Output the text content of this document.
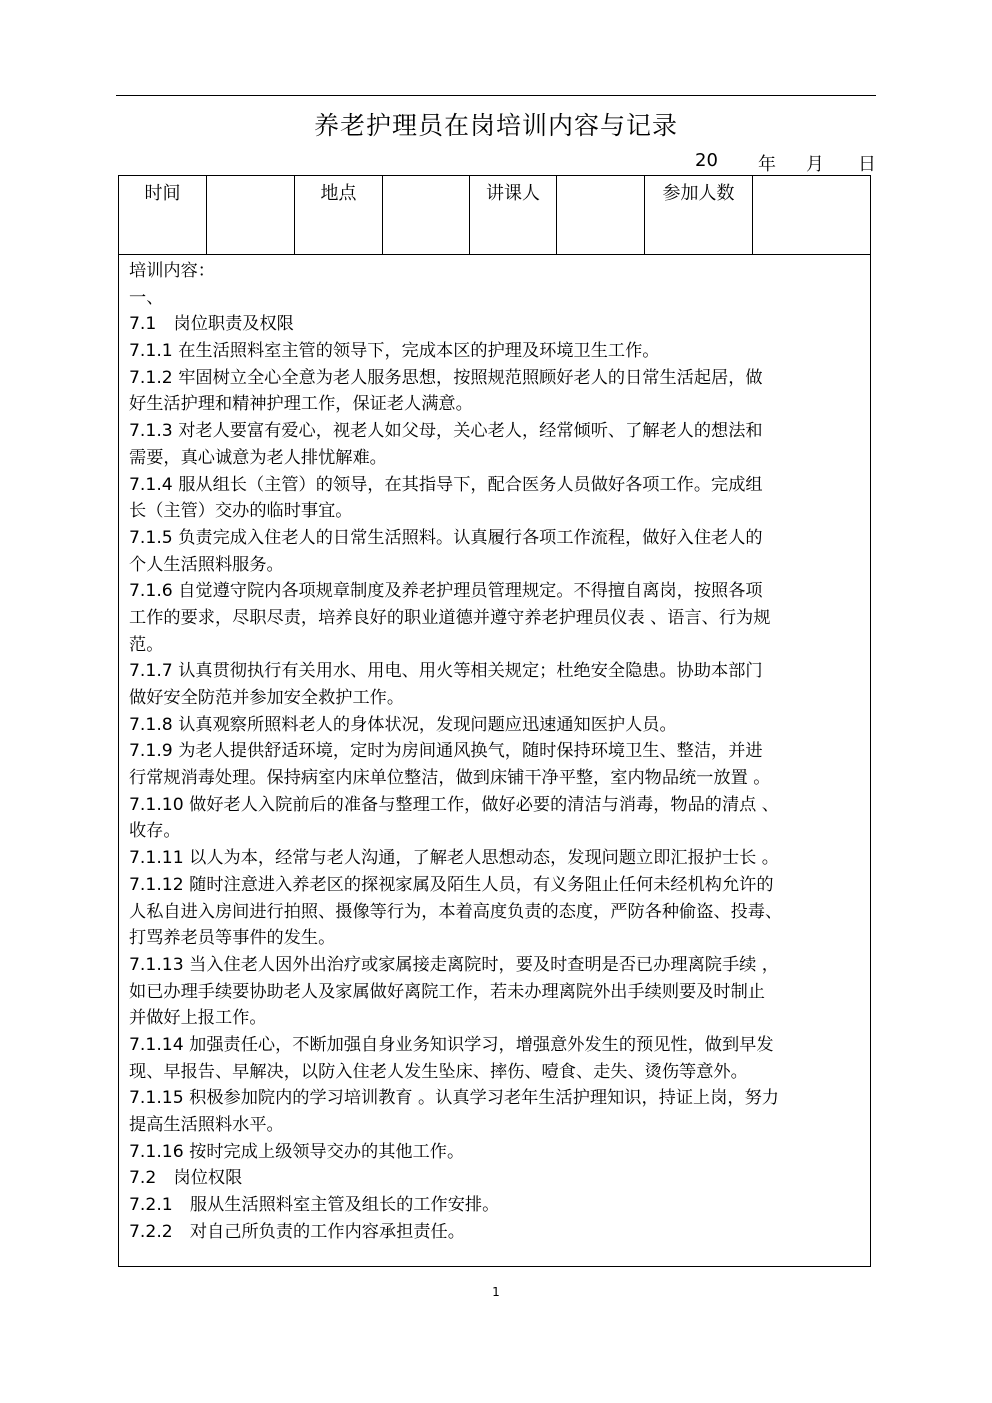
养老护理员在岗培训内容与记录
20 年 月 日
时间	地点	讲课人	参加人数
培训内容：
一、
7.1　岗位职责及权限
7.1.1 在生活照料室主管的领导下，完成本区的护理及环境卫生工作。
7.1.2 牢固树立全心全意为老人服务思想，按照规范照顾好老人的日常生活起居，做
好生活护理和精神护理工作，保证老人满意。
7.1.3 对老人要富有爱心，视老人如父母，关心老人，经常倾听、了解老人的想法和
需要，真心诚意为老人排忧解难。
7.1.4 服从组长（主管）的领导，在其指导下，配合医务人员做好各项工作。完成组
长（主管）交办的临时事宜。
7.1.5 负责完成入住老人的日常生活照料。认真履行各项工作流程，做好入住老人的
个人生活照料服务。
7.1.6 自觉遵守院内各项规章制度及养老护理员管理规定。不得擅自离岗，按照各项
工作的要求，尽职尽责，培养良好的职业道德并遵守养老护理员仪表 、语言、行为规
范。
7.1.7 认真贯彻执行有关用水、用电、用火等相关规定；杜绝安全隐患。协助本部门
做好安全防范并参加安全救护工作。
7.1.8 认真观察所照料老人的身体状况，发现问题应迅速通知医护人员。
7.1.9 为老人提供舒适环境，定时为房间通风换气，随时保持环境卫生、整洁，并进
行常规消毒处理。保持病室内床单位整洁，做到床铺干净平整，室内物品统一放置 。
7.1.10 做好老人入院前后的准备与整理工作，做好必要的清洁与消毒，物品的清点 、
收存。
7.1.11 以人为本，经常与老人沟通，了解老人思想动态，发现问题立即汇报护士长 。
7.1.12 随时注意进入养老区的探视家属及陌生人员，有义务阻止任何未经机构允许的
人私自进入房间进行拍照、摄像等行为，本着高度负责的态度，严防各种偷盗、投毒、
打骂养老员等事件的发生。
7.1.13 当入住老人因外出治疗或家属接走离院时，要及时查明是否已办理离院手续 ，
如已办理手续要协助老人及家属做好离院工作，若未办理离院外出手续则要及时制止
并做好上报工作。
7.1.14 加强责任心，不断加强自身业务知识学习，增强意外发生的预见性，做到早发
现、早报告、早解决，以防入住老人发生坠床、摔伤、噎食、走失、烫伤等意外。
7.1.15 积极参加院内的学习培训教育 。认真学习老年生活护理知识，持证上岗，努力
提高生活照料水平。
7.1.16 按时完成上级领导交办的其他工作。
7.2　岗位权限
7.2.1　服从生活照料室主管及组长的工作安排。
7.2.2　对自己所负责的工作内容承担责任。
1
